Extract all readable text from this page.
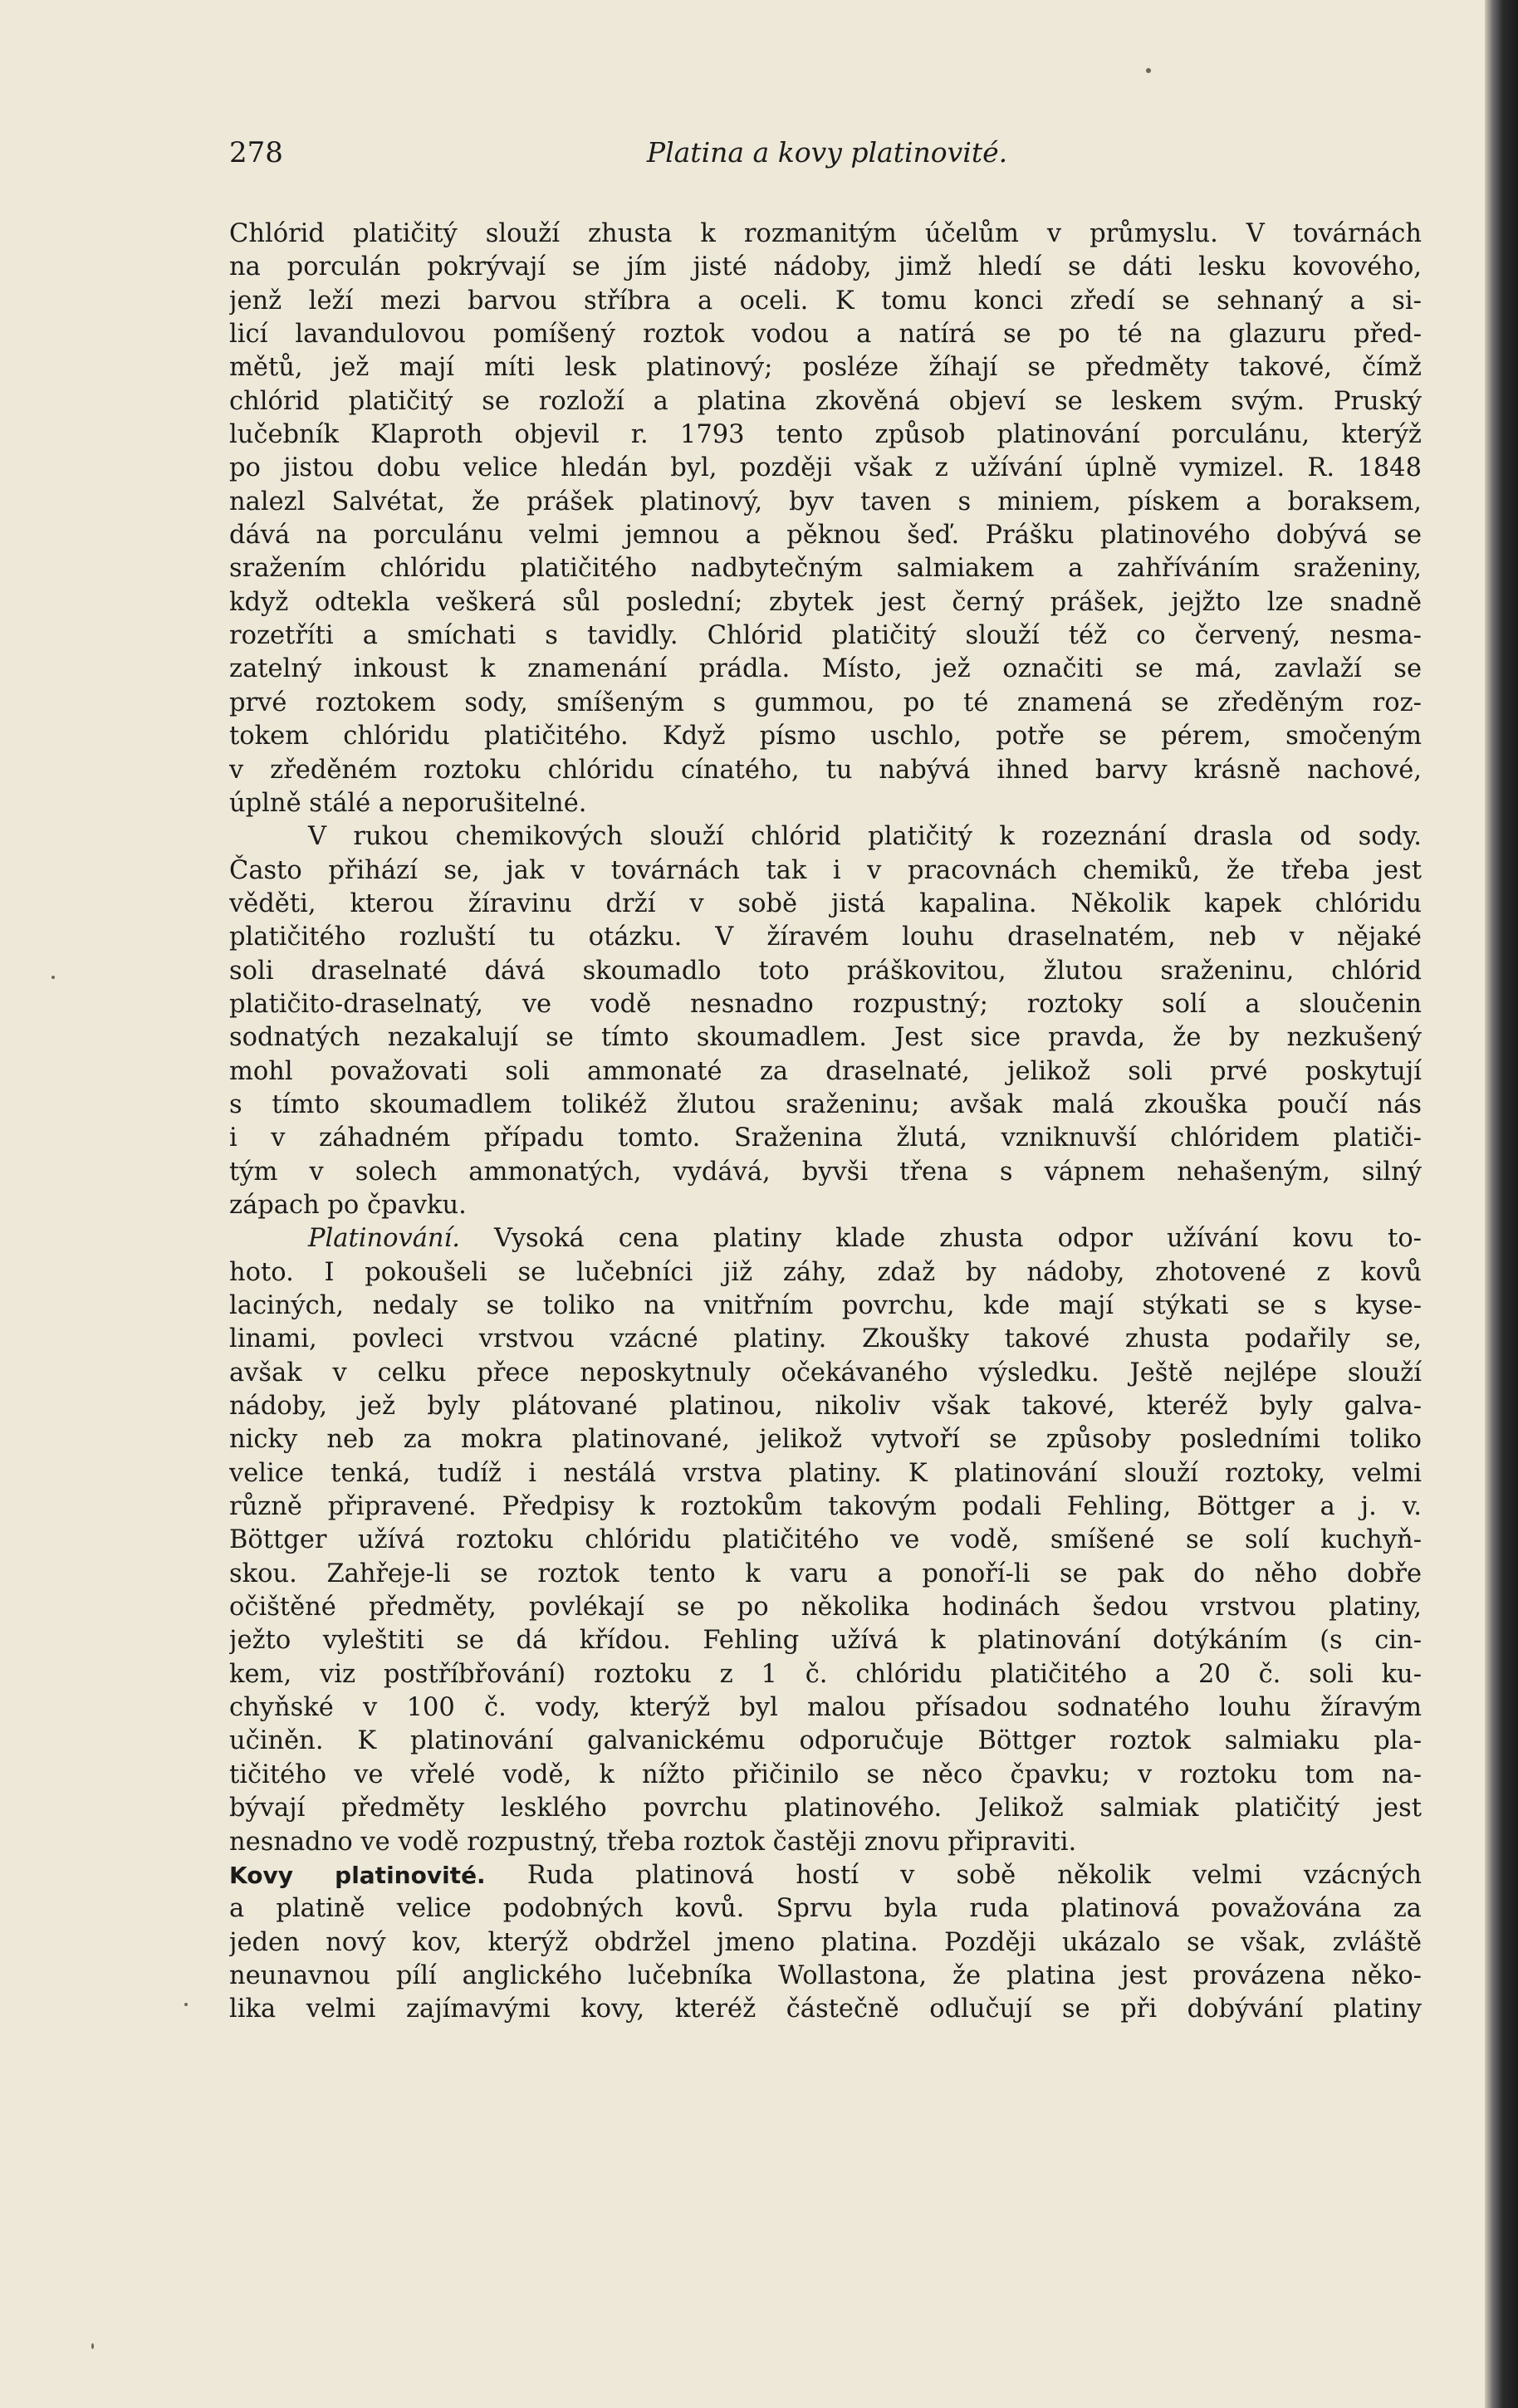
278	Platina a kovy platinovité.
Chlórid platičitý slouží zhusta k rozmanitým účelům v průmyslu. V továrnách
na porculán pokrývají se jím jisté nádoby, jimž hledí se dáti lesku kovového,
jenž leží mezi barvou stříbra a oceli. K tomu konci zředí se sehnaný a si-
licí lavandulovou pomíšený roztok vodou a natírá se po té na glazuru před-
mětů, jež mají míti lesk platinový; posléze žíhají se předměty takové, čímž
chlórid platičitý se rozloží a platina zkověná objeví se leskem svým. Pruský
lučebník Klaproth objevil r. 1793 tento způsob platinování porculánu, kterýž
po jistou dobu velice hledán byl, později však z užívání úplně vymizel. R. 1848
nalezl Salvétat, že prášek platinový, byv taven s miniem, pískem a boraksem,
dává na porculánu velmi jemnou a pěknou šeď. Prášku platinového dobývá se
sražením chlóridu platičitého nadbytečným salmiakem a zahříváním sraženiny,
když odtekla veškerá sůl poslední; zbytek jest černý prášek, jejžto lze snadně
rozetříti a smíchati s tavidly. Chlórid platičitý slouží též co červený, nesma-
zatelný inkoust k znamenání prádla. Místo, jež označiti se má, zavlaží se
prvé roztokem sody, smíšeným s gummou, po té znamená se zředěným roz-
tokem chlóridu platičitého. Když písmo uschlo, potře se pérem, smočeným
v zředěném roztoku chlóridu cínatého, tu nabývá ihned barvy krásně nachové,
úplně stálé a neporušitelné.
V rukou chemikových slouží chlórid platičitý k rozeznání drasla od sody.
Často přihází se, jak v továrnách tak i v pracovnách chemiků, že třeba jest
věděti, kterou žíravinu drží v sobě jistá kapalina. Několik kapek chlóridu
platičitého rozluští tu otázku. V žíravém louhu draselnatém, neb v nějaké
soli draselnaté dává skoumadlo toto práškovitou, žlutou sraženinu, chlórid
platičito-draselnatý, ve vodě nesnadno rozpustný; roztoky solí a sloučenin
sodnatých nezakalují se tímto skoumadlem. Jest sice pravda, že by nezkušený
mohl považovati soli ammonaté za draselnaté, jelikož soli prvé poskytují
s tímto skoumadlem tolikéž žlutou sraženinu; avšak malá zkouška poučí nás
i v záhadném případu tomto. Sraženina žlutá, vzniknuvší chlóridem platiči-
tým v solech ammonatých, vydává, byvši třena s vápnem nehašeným, silný
zápach po čpavku.
Platinování. Vysoká cena platiny klade zhusta odpor užívání kovu to-
hoto. I pokoušeli se lučebníci již záhy, zdaž by nádoby, zhotovené z kovů
laciných, nedaly se toliko na vnitřním povrchu, kde mají stýkati se s kyse-
linami, povleci vrstvou vzácné platiny. Zkoušky takové zhusta podařily se,
avšak v celku přece neposkytnuly očekávaného výsledku. Ještě nejlépe slouží
nádoby, jež byly plátované platinou, nikoliv však takové, kteréž byly galva-
nicky neb za mokra platinované, jelikož vytvoří se způsoby posledními toliko
velice tenká, tudíž i nestálá vrstva platiny. K platinování slouží roztoky, velmi
různě připravené. Předpisy k roztokům takovým podali Fehling, Böttger a j. v.
Böttger užívá roztoku chlóridu platičitého ve vodě, smíšené se solí kuchyň-
skou. Zahřeje-li se roztok tento k varu a ponoří-li se pak do něho dobře
očištěné předměty, povlékají se po několika hodinách šedou vrstvou platiny,
ježto vyleštiti se dá křídou. Fehling užívá k platinování dotýkáním (s cin-
kem, viz postříbřování) roztoku z 1 č. chlóridu platičitého a 20 č. soli ku-
chyňské v 100 č. vody, kterýž byl malou přísadou sodnatého louhu žíravým
učiněn. K platinování galvanickému odporučuje Böttger roztok salmiaku pla-
tičitého ve vřelé vodě, k nížto přičinilo se něco čpavku; v roztoku tom na-
bývají předměty lesklého povrchu platinového. Jelikož salmiak platičitý jest
nesnadno ve vodě rozpustný, třeba roztok častěji znovu připraviti.
Kovy platinovité. Ruda platinová hostí v sobě několik velmi vzácných
a platině velice podobných kovů. Sprvu byla ruda platinová považována za
jeden nový kov, kterýž obdržel jmeno platina. Později ukázalo se však, zvláště
neunavnou pílí anglického lučebníka Wollastona, že platina jest provázena něko-
lika velmi zajímavými kovy, kteréž částečně odlučují se při dobývání platiny
